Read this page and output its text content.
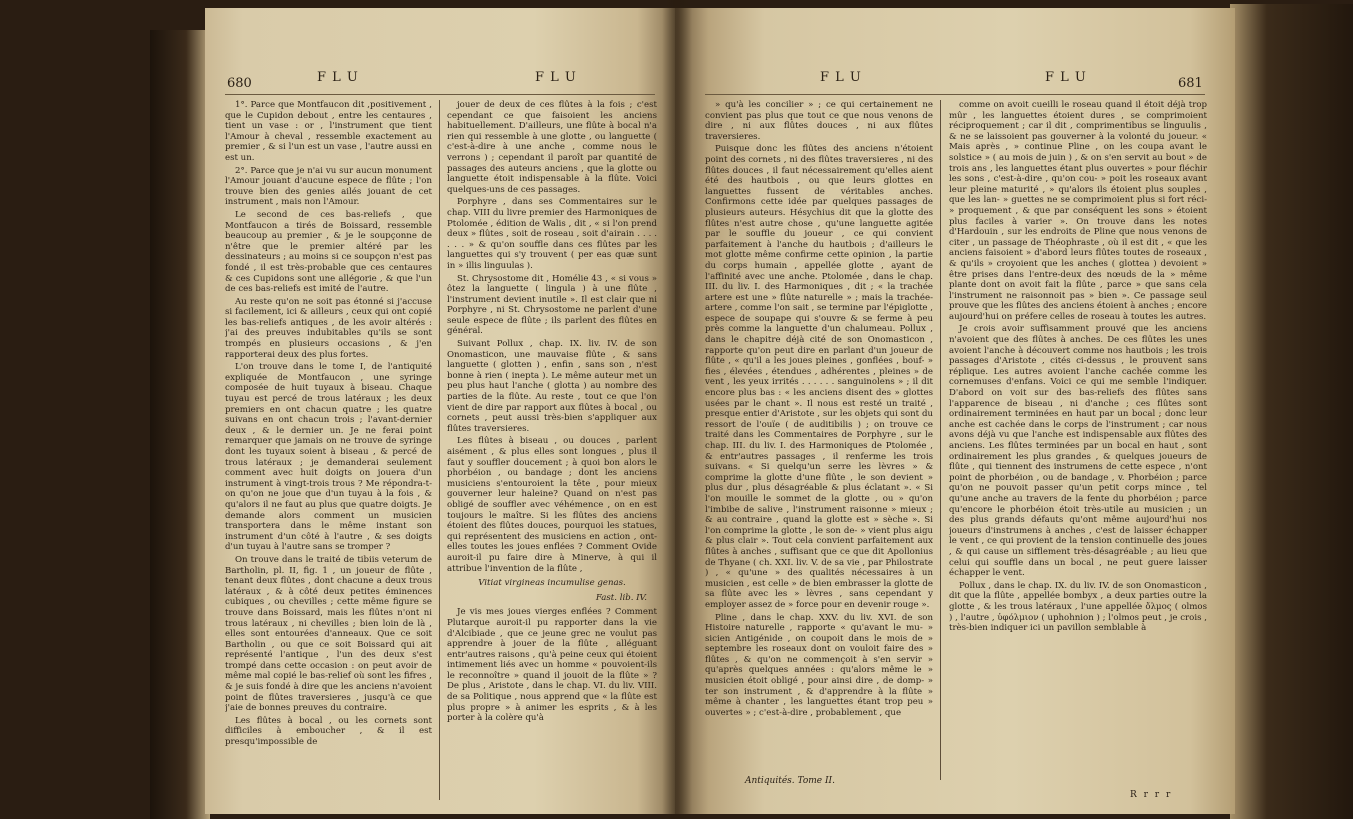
680	F L U	F L U

1°. Parce que Montfaucon dit ,positivement , que le Cupidon debout , entre les centaures , tient un vase : or , l'instrument que tient l'Amour à cheval , ressemble exactement au premier , & si l'un est un vase , l'autre aussi en est un.

2°. Parce que je n'ai vu sur aucun monument l'Amour jouant d'aucune espece de flûte ; l'on trouve bien des genies ailés jouant de cet instrument , mais non l'Amour.

Le second de ces bas-reliefs , que Montfaucon a tirés de Boissard, ressemble beaucoup au premier , & je le soupçonne de n'être que le premier altéré par les dessinateurs ; au moins si ce soupçon n'est pas fondé , il est très-probable que ces centaures & ces Cupidons sont une allégorie , & que l'un de ces bas-reliefs est imité de l'autre.

Au reste qu'on ne soit pas étonné si j'accuse si facilement, ici & ailleurs , ceux qui ont copié les bas-reliefs antiques , de les avoir altérés : j'ai des preuves indubitables qu'ils se sont trompés en plusieurs occasions , & j'en rapporterai deux des plus fortes.

L'on trouve dans le tome I, de l'antiquité expliquée de Montfaucon , une syringe composée de huit tuyaux à biseau. Chaque tuyau est percé de trous latéraux ; les deux premiers en ont chacun quatre ; les quatre suivans en ont chacun trois ; l'avant-dernier deux , & le dernier un. Je ne ferai point remarquer que jamais on ne trouve de syringe dont les tuyaux soient à biseau , & percé de trous latéraux ; je demanderai seulement comment avec huit doigts on jouera d'un instrument à vingt-trois trous ? Me répondra-t-on qu'on ne joue que d'un tuyau à la fois , & qu'alors il ne faut au plus que quatre doigts. Je demande alors comment un musicien transportera dans le même instant son instrument d'un côté à l'autre , & ses doigts d'un tuyau à l'autre sans se tromper ?

On trouve dans le traité de tibiis veterum de Bartholin, pl. II, fig. 1 , un joueur de flûte , tenant deux flûtes , dont chacune a deux trous latéraux , & à côté deux petites éminences cubiques , ou chevilles ; cette même figure se trouve dans Boissard, mais les flûtes n'ont ni trous latéraux , ni chevilles ; bien loin de là , elles sont entourées d'anneaux. Que ce soit Bartholin , ou que ce soit Boissard qui ait représenté l'antique , l'un des deux s'est trompé dans cette occasion : on peut avoir de même mal copié le bas-relief où sont les fifres , & je suis fondé à dire que les anciens n'avoient point de flûtes traversieres , jusqu'à ce que j'aie de bonnes preuves du contraire.

Les flûtes à bocal , ou les cornets sont difficiles à emboucher , & il est presqu'impossible de

jouer de deux de ces flûtes à la fois ; c'est cependant ce que faisoient les anciens habituellement. D'ailleurs, une flûte à bocal n'a rien qui ressemble à une glotte , ou languette ( c'est-à-dire à une anche , comme nous le verrons ) ; cependant il paroît par quantité de passages des auteurs anciens , que la glotte ou languette étoit indispensable à la flûte. Voici quelques-uns de ces passages.

Porphyre , dans ses Commentaires sur le chap. VIII du livre premier des Harmoniques de Ptolomée , édition de Walis , dit , « si l'on prend deux » flûtes , soit de roseau , soit d'airain . . . . . . . » & qu'on souffle dans ces flûtes par les languettes qui s'y trouvent ( per eas quæ sunt in » illis linguulas ).

St. Chrysostome dit , Homélie 43 , « si vous » ôtez la languette ( lingula ) à une flûte , l'instrument devient inutile ». Il est clair que ni Porphyre , ni St. Chrysostome ne parlent d'une seule espece de flûte ; ils parlent des flûtes en général.

Suivant Pollux , chap. IX. liv. IV. de son Onomasticon, une mauvaise flûte , & sans languette ( glotten ) , enfin , sans son , n'est bonne à rien ( inepta ). Le même auteur met un peu plus haut l'anche ( glotta ) au nombre des parties de la flûte. Au reste , tout ce que l'on vient de dire par rapport aux flûtes à bocal , ou cornets , peut aussi très-bien s'appliquer aux flûtes traversieres.

Les flûtes à biseau , ou douces , parlent aisément , & plus elles sont longues , plus il faut y souffler doucement ; à quoi bon alors le phorbéion , ou bandage ; dont les anciens musiciens s'entouroient la tête , pour mieux gouverner leur haleine? Quand on n'est pas obligé de souffler avec véhémence , on en est toujours le maître. Si les flûtes des anciens étoient des flûtes douces, pourquoi les statues, qui représentent des musiciens en action , ont-elles toutes les joues enflées ? Comment Ovide auroit-il pu faire dire à Minerve, à qui il attribue l'invention de la flûte ,

Vitiat virgineas incumulise genas.

Fast. lib. IV.

Je vis mes joues vierges enflées ? Comment Plutarque auroit-il pu rapporter dans la vie d'Alcibiade , que ce jeune grec ne voulut pas apprendre à jouer de la flûte , alléguant entr'autres raisons , qu'à peine ceux qui étoient intimement liés avec un homme « pouvoient-ils le reconnoître » quand il jouoit de la flûte » ? De plus , Aristote , dans le chap. VI. du liv. VIII. de sa Politique , nous apprend que « la flûte est plus propre » à animer les esprits , & à les porter à la colère qu'à

F L U	F L U	681

» qu'à les concilier » ; ce qui certainement ne convient pas plus que tout ce que nous venons de dire , ni aux flûtes douces , ni aux flûtes traversieres.

Puisque donc les flûtes des anciens n'étoient point des cornets , ni des flûtes traversieres , ni des flûtes douces , il faut nécessairement qu'elles aient été des hautbois , ou que leurs glottes en languettes fussent de véritables anches. Confirmons cette idée par quelques passages de plusieurs auteurs. Hésychius dit que la glotte des flûtes n'est autre chose , qu'une languette agitée par le souffle du joueur , ce qui convient parfaitement à l'anche du hautbois ; d'ailleurs le mot glotte même confirme cette opinion , la partie du corps humain , appellée glotte , ayant de l'affinité avec une anche. Ptolomée , dans le chap. III. du liv. I. des Harmoniques , dit ; « la trachée artere est une » flûte naturelle » ; mais la trachée-artere , comme l'on sait , se termine par l'épiglotte , espece de soupape qui s'ouvre & se ferme à peu près comme la languette d'un chalumeau. Pollux , dans le chapitre déjà cité de son Onomasticon , rapporte qu'on peut dire en parlant d'un joueur de flûte , « qu'il a les joues pleines , gonflées , bouf- » fies , élevées , étendues , adhérentes , pleines » de vent , les yeux irrités . . . . . . sanguinolens » ; il dit encore plus bas : « les anciens disent des » glottes usées par le chant ». Il nous est resté un traité , presque entier d'Aristote , sur les objets qui sont du ressort de l'ouïe ( de auditibilis ) ; on trouve ce traité dans les Commentaires de Porphyre , sur le chap. III. du liv. I. des Harmoniques de Ptolomée , & entr'autres passages , il renferme les trois suivans. « Si quelqu'un serre les lèvres » & comprime la glotte d'une flûte , le son devient » plus dur , plus désagréable & plus éclatant ». « Si l'on mouille le sommet de la glotte , ou » qu'on l'imbibe de salive , l'instrument raisonne » mieux ; & au contraire , quand la glotte est » sèche ». Si l'on comprime la glotte , le son de- » vient plus aigu & plus clair ». Tout cela convient parfaitement aux flûtes à anches , suffisant que ce que dit Apollonius de Thyane ( ch. XXI. liv. V. de sa vie , par Philostrate ) , « qu'une » des qualités nécessaires à un musicien , est celle » de bien embrasser la glotte de sa flûte avec les » lèvres , sans cependant y employer assez de » force pour en devenir rouge ».

Pline , dans le chap. XXV. du liv. XVI. de son Histoire naturelle , rapporte « qu'avant le mu- » sicien Antigénide , on coupoit dans le mois de » septembre les roseaux dont on vouloit faire des » flûtes , & qu'on ne commençoit à s'en servir » qu'après quelques années : qu'alors même le » musicien étoit obligé , pour ainsi dire , de domp- » ter son instrument , & d'apprendre à la flûte » même à chanter , les languettes étant trop peu » ouvertes » ; c'est-à-dire , probablement , que

comme on avoit cueilli le roseau quand il étoit déjà trop mûr , les languettes étoient dures , se comprimoient réciproquement ; car il dit , comprimentibus se linguulis , & ne se laissoient pas gouverner à la volonté du joueur. « Mais après , » continue Pline , on les coupa avant le solstice » ( au mois de juin ) , & on s'en servit au bout » de trois ans , les languettes étant plus ouvertes » pour fléchir les sons , c'est-à-dire , qu'on cou- » poit les roseaux avant leur pleine maturité , » qu'alors ils étoient plus souples , que les lan- » guettes ne se comprimoient plus si fort réci- » proquement , & que par conséquent les sons » étoient plus faciles à varier ». On trouve dans les notes d'Hardouin , sur les endroits de Pline que nous venons de citer , un passage de Théophraste , où il est dit , « que les anciens faisoient » d'abord leurs flûtes toutes de roseaux , & qu'ils » croyoient que les anches ( glottea ) devoient » être prises dans l'entre-deux des nœuds de la » même plante dont on avoit fait la flûte , parce » que sans cela l'instrument ne raisonnoit pas » bien ». Ce passage seul prouve que les flûtes des anciens étoient à anches ; encore aujourd'hui on préfere celles de roseau à toutes les autres.

Je crois avoir suffisamment prouvé que les anciens n'avoient que des flûtes à anches. De ces flûtes les unes avoient l'anche à découvert comme nos hautbois ; les trois passages d'Aristote , cités ci-dessus , le prouvent sans réplique. Les autres avoient l'anche cachée comme les cornemuses d'enfans. Voici ce qui me semble l'indiquer. D'abord on voit sur des bas-reliefs des flûtes sans l'apparence de biseau , ni d'anche ; ces flûtes sont ordinairement terminées en haut par un bocal ; donc leur anche est cachée dans le corps de l'instrument ; car nous avons déjà vu que l'anche est indispensable aux flûtes des anciens. Les flûtes terminées par un bocal en haut , sont ordinairement les plus grandes , & quelques joueurs de flûte , qui tiennent des instrumens de cette espece , n'ont point de phorbéion , ou de bandage , v. Phorbéion ; parce qu'on ne pouvoit passer qu'un petit corps mince , tel qu'une anche au travers de la fente du phorbéion ; parce qu'encore le phorbéion étoit très-utile au musicien ; un des plus grands défauts qu'ont même aujourd'hui nos joueurs d'instrumens à anches , c'est de laisser échapper le vent , ce qui provient de la tension continuelle des joues , & qui cause un sifflement très-désagréable ; au lieu que celui qui souffle dans un bocal , ne peut guere laisser échapper le vent.

Pollux , dans le chap. IX. du liv. IV. de son Onomasticon , dit que la flûte , appellée bombyx , a deux parties outre la glotte , & les trous latéraux , l'une appellée ὄλμος ( olmos ) , l'autre , ὑφόλμιον ( uphohnion ) ; l'olmos peut , je crois , très-bien indiquer ici un pavillon semblable à

Antiquités. Tome II.
R r r r
